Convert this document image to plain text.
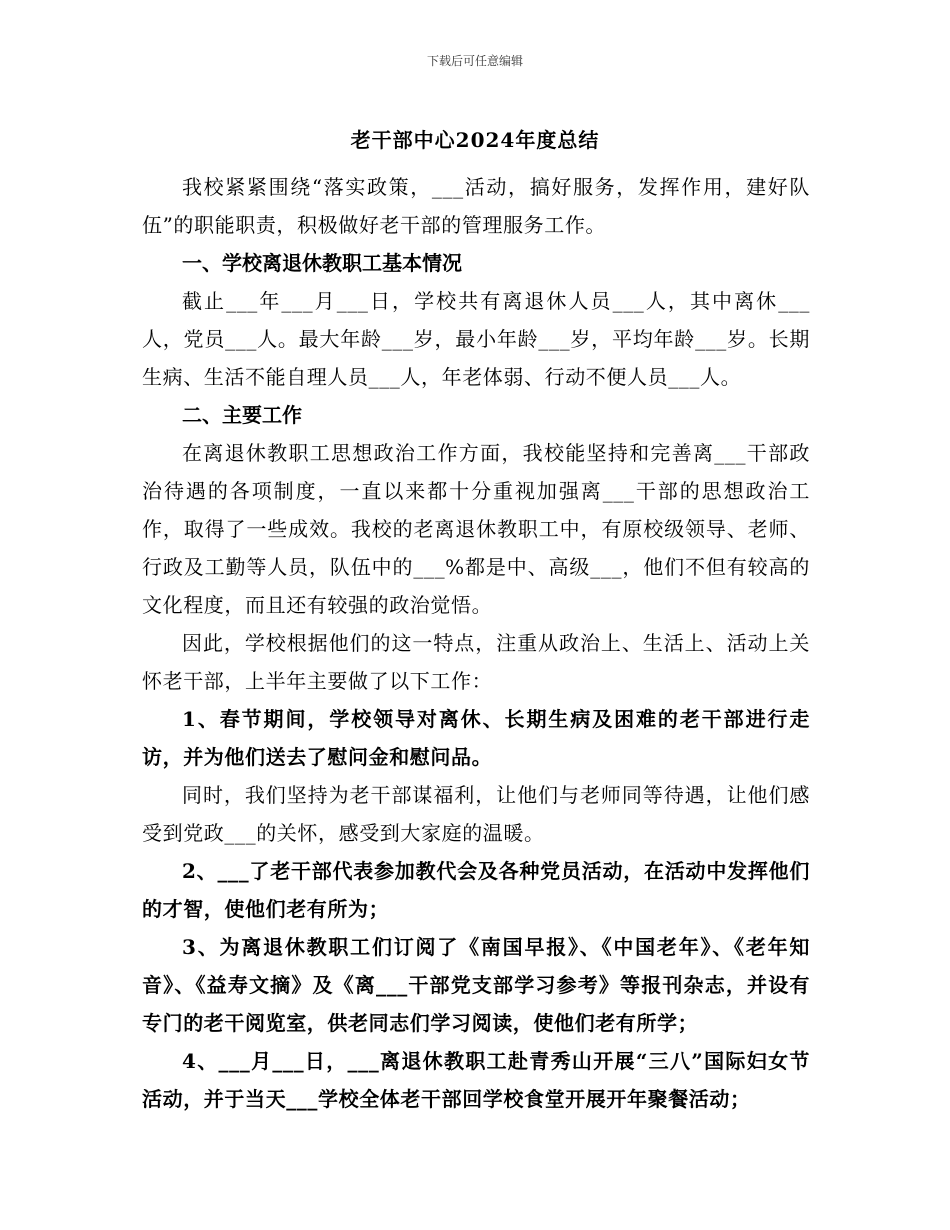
下载后可任意编辑
老干部中心2024年度总结

我校紧紧围绕“落实政策，___活动，搞好服务，发挥作用，建好队伍”的职能职责，积极做好老干部的管理服务工作。

一、学校离退休教职工基本情况

截止___年___月___日，学校共有离退休人员___人，其中离休___人，党员___人。最大年龄___岁，最小年龄___岁，平均年龄___岁。长期生病、生活不能自理人员___人，年老体弱、行动不便人员___人。

二、主要工作

在离退休教职工思想政治工作方面，我校能坚持和完善离___干部政治待遇的各项制度，一直以来都十分重视加强离___干部的思想政治工作，取得了一些成效。我校的老离退休教职工中，有原校级领导、老师、行政及工勤等人员，队伍中的___%都是中、高级___，他们不但有较高的文化程度，而且还有较强的政治觉悟。

因此，学校根据他们的这一特点，注重从政治上、生活上、活动上关怀老干部，上半年主要做了以下工作：

1、春节期间，学校领导对离休、长期生病及困难的老干部进行走访，并为他们送去了慰问金和慰问品。

同时，我们坚持为老干部谋福利，让他们与老师同等待遇，让他们感受到党政___的关怀，感受到大家庭的温暖。

2、___了老干部代表参加教代会及各种党员活动，在活动中发挥他们的才智，使他们老有所为；

3、为离退休教职工们订阅了《南国早报》、《中国老年》、《老年知音》、《益寿文摘》及《离___干部党支部学习参考》等报刊杂志，并设有专门的老干阅览室，供老同志们学习阅读，使他们老有所学；

4、___月___日，___离退休教职工赴青秀山开展“三八”国际妇女节活动，并于当天___学校全体老干部回学校食堂开展开年聚餐活动；
